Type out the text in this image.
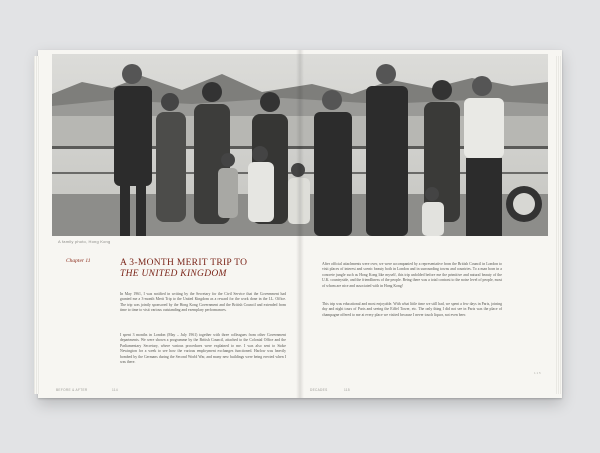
A family photo, Hong Kong
Chapter 11	A 3-MONTH MERIT TRIP TO
THE UNITED KINGDOM
In May 1961, I was notified in writing by the Secretary for the Civil Service that the Government had granted me a 3-month Merit Trip to the United Kingdom as a reward for the work done in the I.L. Office. The trip was jointly sponsored by the Hong Kong Government and the British Council and extended from time to time to visit various outstanding and exemplary performances.
I spent 3 months in London (May – July 1961) together with three colleagues from other Government departments. We were shown a programme by the British Council, attached to the Colonial Office and the Parliamentary Secretary, where various procedures were explained to me. I was also sent to Stoke Newington for a week to see how the various employment exchanges functioned. Harlow was heavily bombed by the Germans during the Second World War, and many new buildings were being erected when I was there.
After official attachments were over, we were accompanied by a representative from the British Council in London to visit places of interest and scenic beauty both in London and in surrounding towns and countries. To a man born in a concrete jungle such as Hong Kong like myself, this trip unfolded before me the primitive and natural beauty of the U.K. countryside, and the friendliness of the people. Being there was a total contrast to the noise level of people, most of whom are nice and associated with in Hong Kong!
This trip was educational and most enjoyable. With what little time we still had, we spent a few days in Paris, joining day and night tours of Paris and seeing the Eiffel Tower, etc. The only thing I did not see in Paris was the place of champagne offered to me at every place we visited because I never touch liquor, not even beer.
BEFORE & AFTER	114	DECADES	115
1 1 5
